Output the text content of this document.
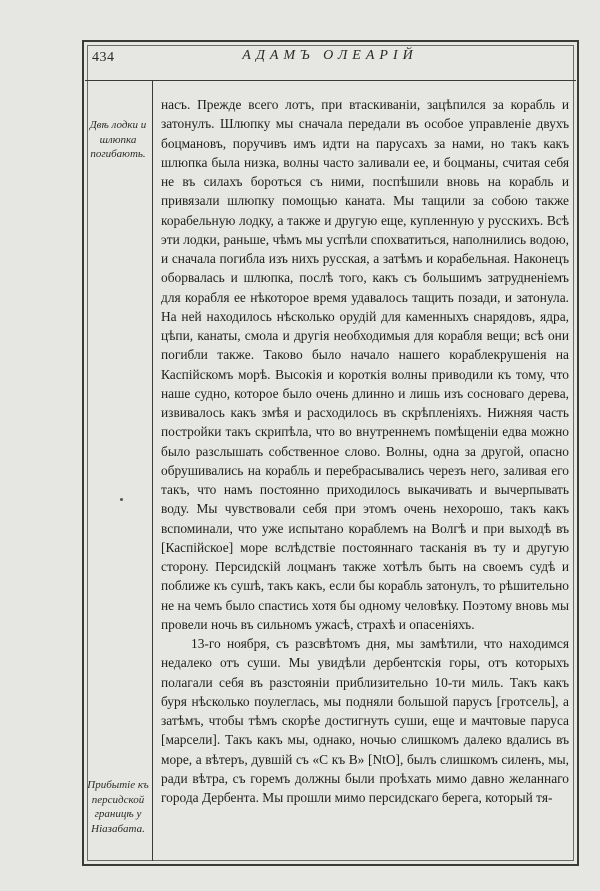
434	АДАМЪ ОЛЕАРІЙ
Двѣ лодки и шлюпка погибають.
Прибытіе къ персидской границѣ у Ніазабата.

насъ. Прежде всего лотъ, при втаскиваніи, зацѣпился за корабль и затонулъ. Шлюпку мы сначала передали въ особое управленіе двухъ боцмановъ, поручивъ имъ идти на парусахъ за нами, но такъ какъ шлюпка была низка, волны часто заливали ее, и боцманы, считая себя не въ силахъ бороться съ ними, поспѣшили вновь на корабль и привязали шлюпку помощью каната. Мы тащили за собою также корабельную лодку, а также и другую еще, купленную у русскихъ. Всѣ эти лодки, раньше, чѣмъ мы успѣли спохватиться, наполнились водою, и сначала погибла изъ нихъ русская, а затѣмъ и корабельная. Наконецъ оборвалась и шлюпка, послѣ того, какъ съ большимъ затрудненіемъ для корабля ее нѣкоторое время удавалось тащить позади, и затонула. На ней находилось нѣсколько орудій для каменныхъ снарядовъ, ядра, цѣпи, канаты, смола и другія необходимыя для корабля вещи; всѣ они погибли также. Таково было начало нашего кораблекрушенія на Каспійскомъ морѣ. Высокія и короткія волны приводили къ тому, что наше судно, которое было очень длинно и лишь изъ сосноваго дерева, извивалось какъ змѣя и расходилось въ скрѣпленіяхъ. Нижняя часть постройки такъ скрипѣла, что во внутреннемъ помѣщеніи едва можно было разслышать собственное слово. Волны, одна за другой, опасно обрушивались на корабль и перебрасывались черезъ него, заливая его такъ, что намъ постоянно приходилось выкачивать и вычерпывать воду. Мы чувствовали себя при этомъ очень нехорошо, такъ какъ вспоминали, что уже испытано кораблемъ на Волгѣ и при выходѣ въ [Каспійское] море вслѣдствіе постояннаго тасканія въ ту и другую сторону. Персидскій лоцманъ также хотѣлъ быть на своемъ судѣ и поближе къ сушѣ, такъ какъ, если бы корабль затонулъ, то рѣшительно не на чемъ было спастись хотя бы одному человѣку. Поэтому вновь мы провели ночь въ сильномъ ужасѣ, страхѣ и опасеніяхъ.

13-го ноября, съ разсвѣтомъ дня, мы замѣтили, что находимся недалеко отъ суши. Мы увидѣли дербентскія горы, отъ которыхъ полагали себя въ разстояніи приблизительно 10-ти миль. Такъ какъ буря нѣсколько поулеглась, мы подняли большой парусъ [гротсель], а затѣмъ, чтобы тѣмъ скорѣе достигнуть суши, еще и мачтовые паруса [марсели]. Такъ какъ мы, однако, ночью слишкомъ далеко вдались въ море, а вѣтеръ, дувшій съ «С къ В» [NtO], былъ слишкомъ силенъ, мы, ради вѣтра, съ горемъ должны были проѣхать мимо давно желаннаго города Дербента. Мы прошли мимо персидскаго берега, который тя-
